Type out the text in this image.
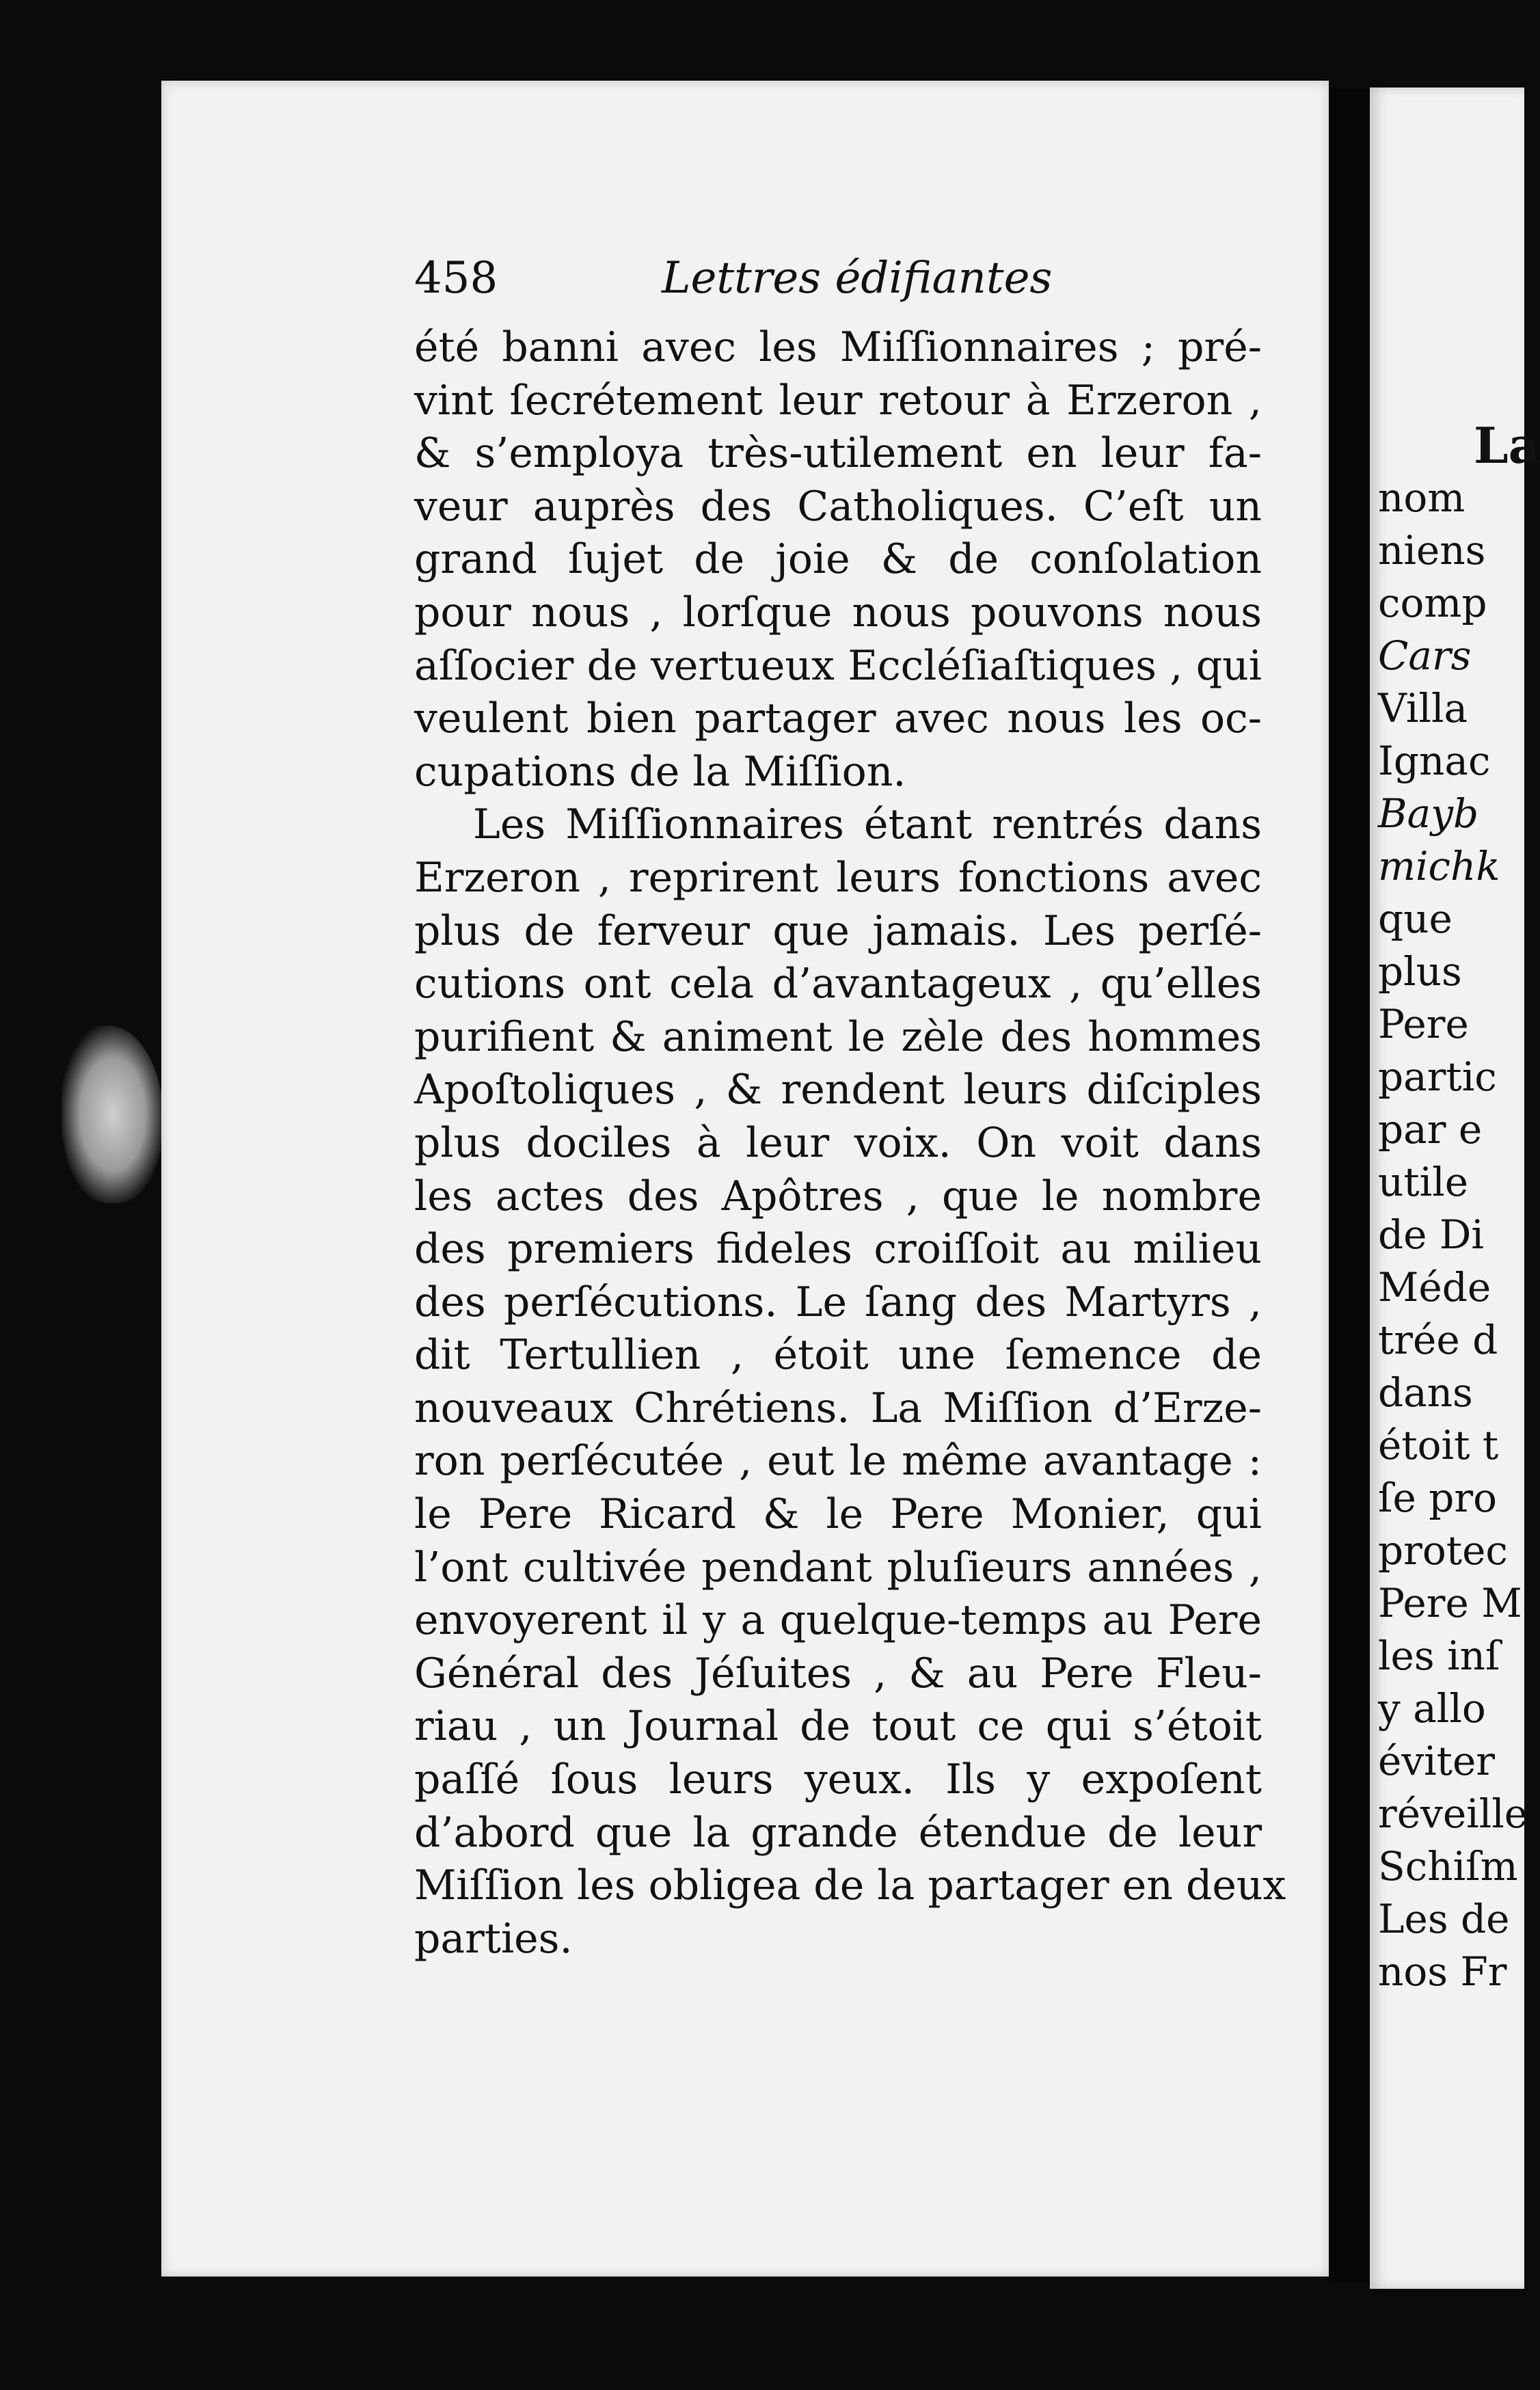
La
nom
niens
comp
Cars
Villa
Ignac
Bayb
michk
que
plus
Pere
partic
par e
utile
de Di
Méde
trée d
dans
étoit t
ſe pro
protec
Pere M
les inſ
y allo
éviter
réveille
Schiſm
Les de
nos Fr
458	Lettres édifiantes
été banni avec les Miſſionnaires ; pré-
vint ſecrétement leur retour à Erzeron ,
& s’employa très-utilement en leur fa-
veur auprès des Catholiques. C’eſt un
grand ſujet de joie & de conſolation
pour nous , lorſque nous pouvons nous
aſſocier de vertueux Eccléſiaſtiques , qui
veulent bien partager avec nous les oc-
cupations de la Miſſion.
Les Miſſionnaires étant rentrés dans
Erzeron , reprirent leurs fonctions avec
plus de ferveur que jamais. Les perſé-
cutions ont cela d’avantageux , qu’elles
purifient & animent le zèle des hommes
Apoſtoliques , & rendent leurs diſciples
plus dociles à leur voix. On voit dans
les actes des Apôtres , que le nombre
des premiers fideles croiſſoit au milieu
des perſécutions. Le ſang des Martyrs ,
dit Tertullien , étoit une ſemence de
nouveaux Chrétiens. La Miſſion d’Erze-
ron perſécutée , eut le même avantage :
le Pere Ricard & le Pere Monier, qui
l’ont cultivée pendant pluſieurs années ,
envoyerent il y a quelque-temps au Pere
Général des Jéſuites , & au Pere Fleu-
riau , un Journal de tout ce qui s’étoit
paſſé ſous leurs yeux. Ils y expoſent
d’abord que la grande étendue de leur
Miſſion les obligea de la partager en deux
parties.
